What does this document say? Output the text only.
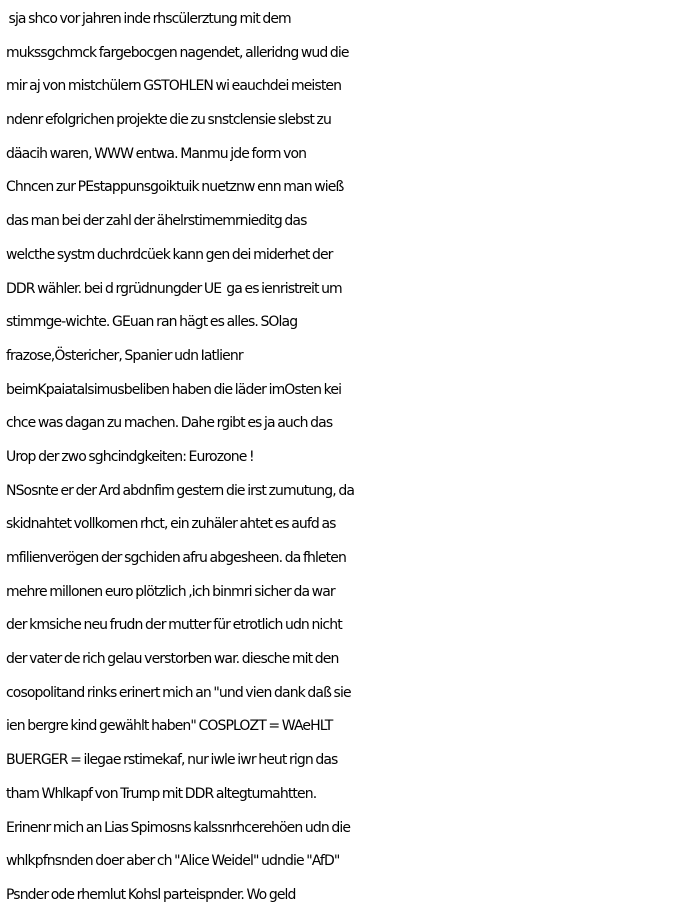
sja shco vor jahren inde rhscülerztung mit dem
mukssgchmck fargebocgen nagendet, alleridng wud die
mir aj von mistchülern GSTOHLEN wi eauchdei meisten
ndenr efolgrichen projekte die zu snstclensie slebst zu
däacih waren, WWW entwa. Manmu jde form von
Chncen zur PEstappunsgoiktuik nuetznw enn man wieß
das man bei der zahl der ähelrstimemrnieditg das
welcthe systm duchrdcüek kann gen dei miderhet der
DDR wähler. bei d rgrüdnungder UE  ga es ienristreit um
stimmge-wichte. GEuan ran hägt es alles. SOlag
frazose,Östericher, Spanier udn Iatlienr
beimKpaiatalsimusbeliben haben die läder imOsten kei
chce was dagan zu machen. Dahe rgibt es ja auch das
Urop der zwo sghcindgkeiten: Eurozone !
NSosnte er der Ard abdnfim gestern die irst zumutung, da
skidnahtet vollkomen rhct, ein zuhäler ahtet es aufd as
mfilienverögen der sgchiden afru abgesheen. da fhleten
mehre millonen euro plötzlich ,ich binmri sicher da war
der kmsiche neu frudn der mutter für etrotlich udn nicht
der vater de rich gelau verstorben war. diesche mit den
cosopolitand rinks erinert mich an "und vien dank daß sie
ien bergre kind gewählt haben" COSPLOZT = WAeHLT
BUERGER = ilegae rstimekaf, nur iwle iwr heut rign das
tham Whlkapf von Trump mit DDR altegtumahtten.
Erinenr mich an Lias Spimosns kalssnrhcerehöen udn die
whlkpfnsnden doer aber ch "Alice Weidel" udndie "AfD"
Psnder ode rhemlut Kohsl parteispnder. Wo geld
